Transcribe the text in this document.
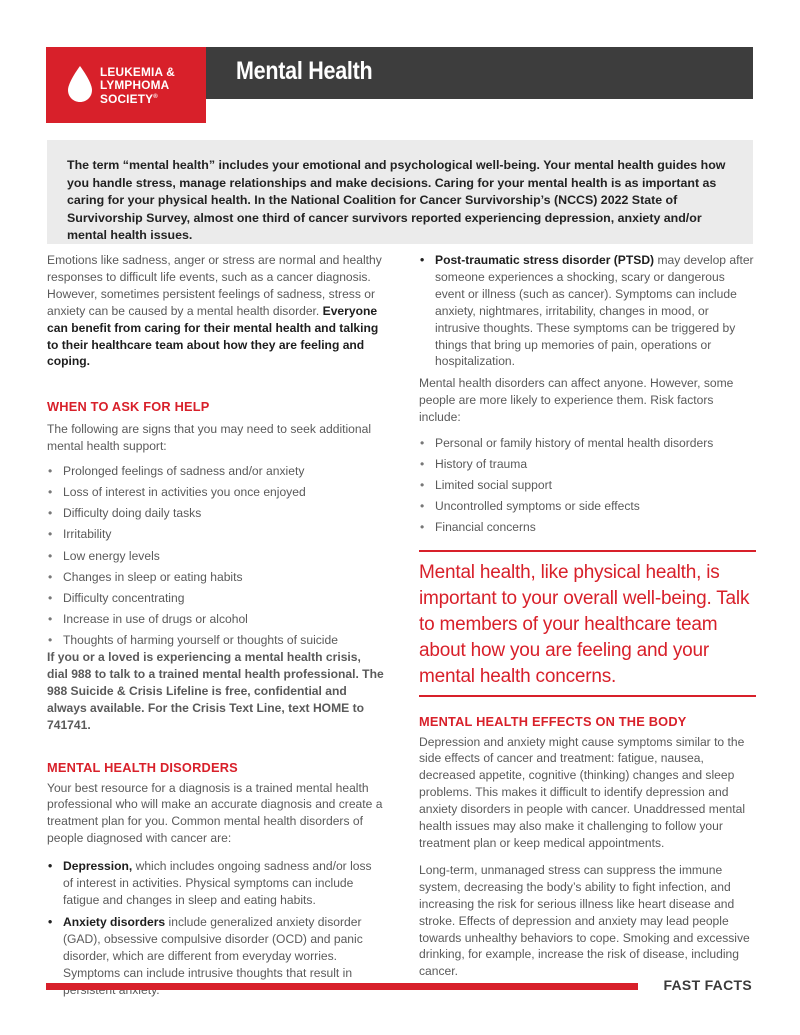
LEUKEMIA &
LYMPHOMA
SOCIETY®
Mental Health

The term “mental health” includes your emotional and psychological well-being. Your mental health guides how you handle stress, manage relationships and make decisions. Caring for your mental health is as important as caring for your physical health. In the National Coalition for Cancer Survivorship’s (NCCS) 2022 State of Survivorship Survey, almost one third of cancer survivors reported experiencing depression, anxiety and/or mental health issues.

Emotions like sadness, anger or stress are normal and healthy responses to difficult life events, such as a cancer diagnosis. However, sometimes persistent feelings of sadness, stress or anxiety can be caused by a mental health disorder. Everyone can benefit from caring for their mental health and talking to their healthcare team about how they are feeling and coping.

WHEN TO ASK FOR HELP

The following are signs that you may need to seek additional mental health support:

• Prolonged feelings of sadness and/or anxiety
• Loss of interest in activities you once enjoyed
• Difficulty doing daily tasks
• Irritability
• Low energy levels
• Changes in sleep or eating habits
• Difficulty concentrating
• Increase in use of drugs or alcohol
• Thoughts of harming yourself or thoughts of suicide

If you or a loved is experiencing a mental health crisis, dial 988 to talk to a trained mental health professional. The 988 Suicide & Crisis Lifeline is free, confidential and always available. For the Crisis Text Line, text HOME to 741741.

MENTAL HEALTH DISORDERS

Your best resource for a diagnosis is a trained mental health professional who will make an accurate diagnosis and create a treatment plan for you. Common mental health disorders of people diagnosed with cancer are:

• Depression, which includes ongoing sadness and/or loss of interest in activities. Physical symptoms can include fatigue and changes in sleep and eating habits.
• Anxiety disorders include generalized anxiety disorder (GAD), obsessive compulsive disorder (OCD) and panic disorder, which are different from everyday worries. Symptoms can include intrusive thoughts that result in
• Post-traumatic stress disorder (PTSD) may develop after someone experiences a shocking, scary or dangerous event or illness (such as cancer). Symptoms can include anxiety, nightmares, irritability, changes in mood, or intrusive thoughts. These symptoms can be triggered by things that bring up memories of pain, operations or hospitalization.

Mental health disorders can affect anyone. However, some people are more likely to experience them. Risk factors include:

• Personal or family history of mental health disorders
• History of trauma
• Limited social support
• Uncontrolled symptoms or side effects
• Financial concerns

Mental health, like physical health, is important to your overall well-being. Talk to members of your healthcare team about how you are feeling and your mental health concerns.

MENTAL HEALTH EFFECTS ON THE BODY

Depression and anxiety might cause symptoms similar to the side effects of cancer and treatment: fatigue, nausea, decreased appetite, cognitive (thinking) changes and sleep problems. This makes it difficult to identify depression and anxiety disorders in people with cancer. Unaddressed mental health issues may also make it challenging to follow your treatment plan or keep medical appointments.

Long-term, unmanaged stress can suppress the immune system, decreasing the body’s ability to fight infection, and increasing the risk for serious illness like heart disease and stroke. Effects of depression and anxiety may lead people towards unhealthy behaviors to cope. Smoking and excessive drinking, for example, increase the risk of disease, including cancer.

FAST FACTS
